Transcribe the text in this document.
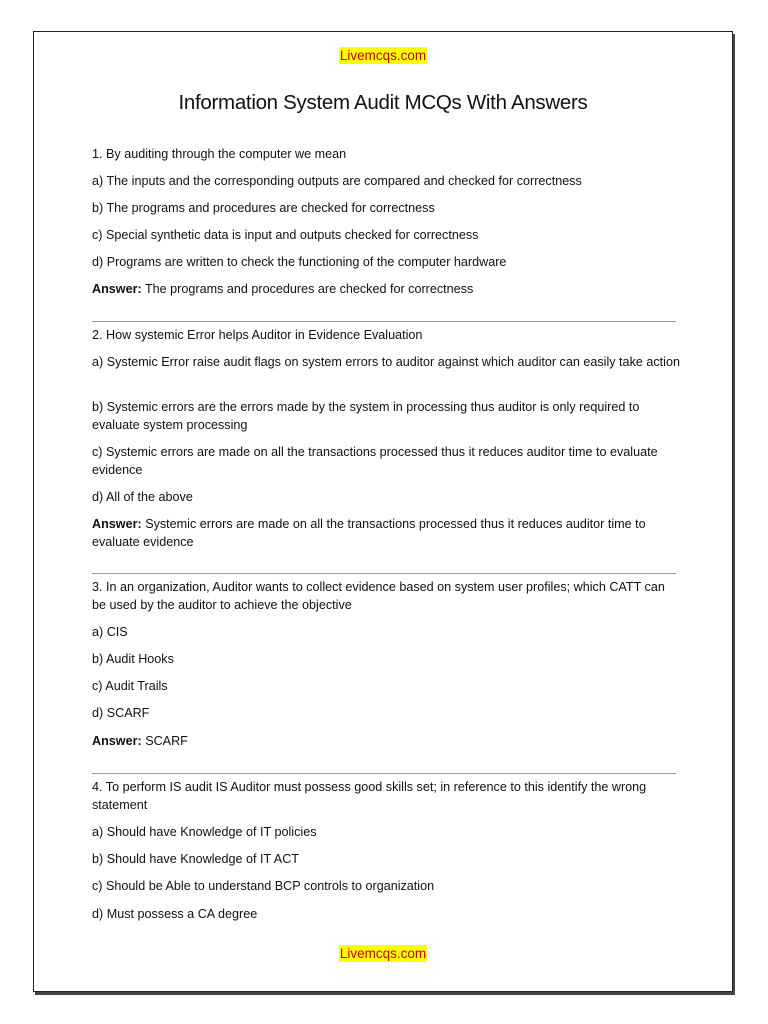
Livemcqs.com
Information System Audit MCQs With Answers

1. By auditing through the computer we mean

a) The inputs and the corresponding outputs are compared and checked for correctness

b) The programs and procedures are checked for correctness

c) Special synthetic data is input and outputs checked for correctness

d) Programs are written to check the functioning of the computer hardware

Answer: The programs and procedures are checked for correctness

2. How systemic Error helps Auditor in Evidence Evaluation

a) Systemic Error raise audit flags on system errors to auditor against which auditor can easily take action

b) Systemic errors are the errors made by the system in processing thus auditor is only required to evaluate system processing

c) Systemic errors are made on all the transactions processed thus it reduces auditor time to evaluate evidence

d) All of the above

Answer: Systemic errors are made on all the transactions processed thus it reduces auditor time to evaluate evidence

3. In an organization, Auditor wants to collect evidence based on system user profiles; which CATT can be used by the auditor to achieve the objective

a) CIS

b) Audit Hooks

c) Audit Trails

d) SCARF

Answer: SCARF

4. To perform IS audit IS Auditor must possess good skills set; in reference to this identify the wrong statement

a) Should have Knowledge of IT policies

b) Should have Knowledge of IT ACT

c) Should be Able to understand BCP controls to organization

d) Must possess a CA degree

Livemcqs.com
